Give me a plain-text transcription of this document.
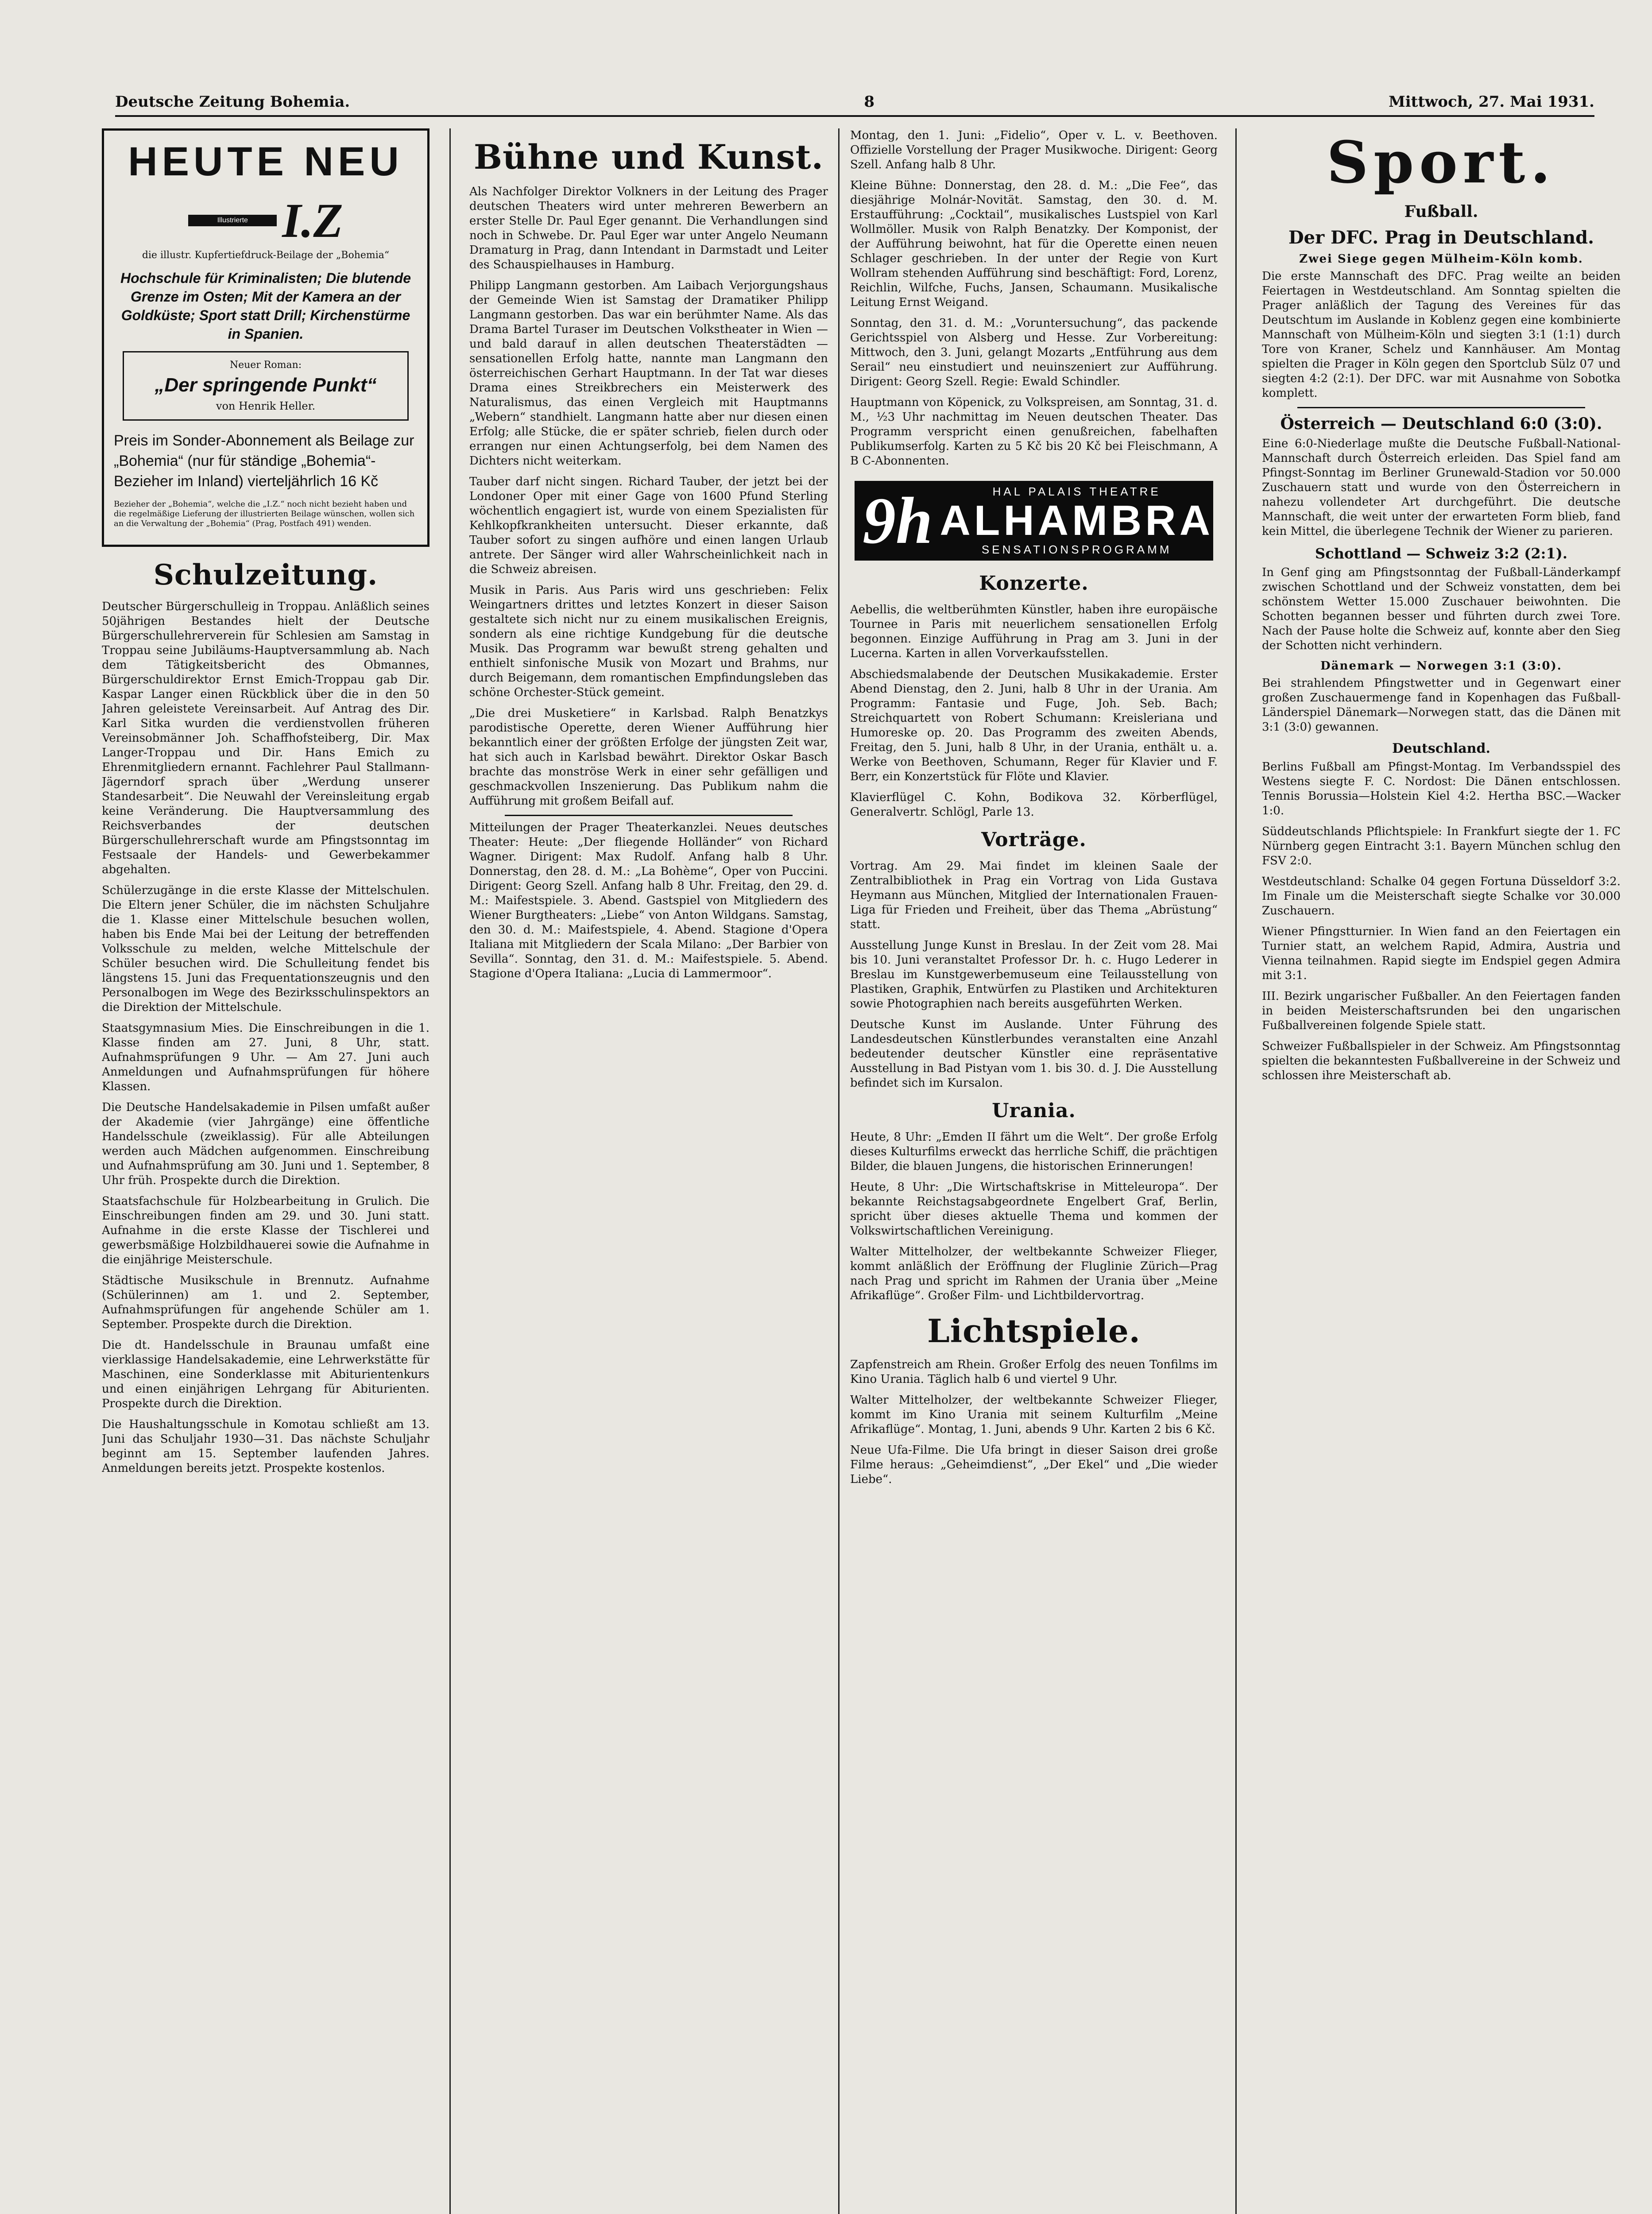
Deutsche Zeitung Bohemia.	8	Mittwoch, 27. Mai 1931.

HEUTE NEU

Illustrierte I.Z

die illustr. Kupfertiefdruck-Beilage der „Bohemia“

Hochschule für Kriminalisten; Die blutende Grenze im Osten; Mit der Kamera an der Goldküste; Sport statt Drill; Kirchenstürme in Spanien.

Neuer Roman:
„Der springende Punkt“
von Henrik Heller.

Preis im Sonder-Abonnement als Beilage zur „Bohemia“ (nur für ständige „Bohemia“-Bezieher im Inland) vierteljährlich 16 Kč

Bezieher der „Bohemia“, welche die „I.Z.“ noch nicht bezieht haben und die regelmäßige Lieferung der illustrierten Beilage wünschen, wollen sich an die Verwaltung der „Bohemia“ (Prag, Postfach 491) wenden.

Schulzeitung.

Deutscher Bürgerschulleig in Troppau. Anläßlich seines 50jährigen Bestandes hielt der Deutsche Bürgerschullehrerverein für Schlesien am Samstag in Troppau seine Jubiläums-Hauptversammlung ab. Nach dem Tätigkeitsbericht des Obmannes, Bürgerschuldirektor Ernst Emich-Troppau gab Dir. Kaspar Langer einen Rückblick über die in den 50 Jahren geleistete Vereinsarbeit. Auf Antrag des Dir. Karl Sitka wurden die verdienstvollen früheren Vereinsobmänner Joh. Schaffhofsteiberg, Dir. Max Langer-Troppau und Dir. Hans Emich zu Ehrenmitgliedern ernannt. Fachlehrer Paul Stallmann-Jägerndorf sprach über „Werdung unserer Standesarbeit“. Die Neuwahl der Vereinsleitung ergab keine Veränderung. Die Hauptversammlung des Reichsverbandes der deutschen Bürgerschullehrerschaft wurde am Pfingstsonntag im Festsaale der Handels- und Gewerbekammer abgehalten.

Schülerzugänge in die erste Klasse der Mittelschulen. Die Eltern jener Schüler, die im nächsten Schuljahre die 1. Klasse einer Mittelschule besuchen wollen, haben bis Ende Mai bei der Leitung der betreffenden Volksschule zu melden, welche Mittelschule der Schüler besuchen wird. Die Schulleitung fendet bis längstens 15. Juni das Frequentationszeugnis und den Personalbogen im Wege des Bezirksschulinspektors an die Direktion der Mittelschule.

Staatsgymnasium Mies. Die Einschreibungen in die 1. Klasse finden am 27. Juni, 8 Uhr, statt. Aufnahmsprüfungen 9 Uhr. — Am 27. Juni auch Anmeldungen und Aufnahmsprüfungen für höhere Klassen.

Die Deutsche Handelsakademie in Pilsen umfaßt außer der Akademie (vier Jahrgänge) eine öffentliche Handelsschule (zweiklassig). Für alle Abteilungen werden auch Mädchen aufgenommen. Einschreibung und Aufnahmsprüfung am 30. Juni und 1. September, 8 Uhr früh. Prospekte durch die Direktion.

Staatsfachschule für Holzbearbeitung in Grulich. Die Einschreibungen finden am 29. und 30. Juni statt. Aufnahme in die erste Klasse der Tischlerei und gewerbsmäßige Holzbildhauerei sowie die Aufnahme in die einjährige Meisterschule.

Städtische Musikschule in Brennutz. Aufnahme (Schülerinnen) am 1. und 2. September, Aufnahmsprüfungen für angehende Schüler am 1. September. Prospekte durch die Direktion.

Die dt. Handelsschule in Braunau umfaßt eine vierklassige Handelsakademie, eine Lehrwerkstätte für Maschinen, eine Sonderklasse mit Abiturientenkurs und einen einjährigen Lehrgang für Abiturienten. Prospekte durch die Direktion.

Die Haushaltungsschule in Komotau schließt am 13. Juni das Schuljahr 1930—31. Das nächste Schuljahr beginnt am 15. September laufenden Jahres. Anmeldungen bereits jetzt. Prospekte kostenlos.

Bühne und Kunst.

Als Nachfolger Direktor Volkners in der Leitung des Prager deutschen Theaters wird unter mehreren Bewerbern an erster Stelle Dr. Paul Eger genannt. Die Verhandlungen sind noch in Schwebe. Dr. Paul Eger war unter Angelo Neumann Dramaturg in Prag, dann Intendant in Darmstadt und Leiter des Schauspielhauses in Hamburg.

Philipp Langmann gestorben. Am Laibach Verjorgungshaus der Gemeinde Wien ist Samstag der Dramatiker Philipp Langmann gestorben. Das war ein berühmter Name. Als das Drama Bartel Turaser im Deutschen Volkstheater in Wien — und bald darauf in allen deutschen Theaterstädten — sensationellen Erfolg hatte, nannte man Langmann den österreichischen Gerhart Hauptmann. In der Tat war dieses Drama eines Streikbrechers ein Meisterwerk des Naturalismus, das einen Vergleich mit Hauptmanns „Webern“ standhielt. Langmann hatte aber nur diesen einen Erfolg; alle Stücke, die er später schrieb, fielen durch oder errangen nur einen Achtungserfolg, bei dem Namen des Dichters nicht weiterkam.

Tauber darf nicht singen. Richard Tauber, der jetzt bei der Londoner Oper mit einer Gage von 1600 Pfund Sterling wöchentlich engagiert ist, wurde von einem Spezialisten für Kehlkopfkrankheiten untersucht. Dieser erkannte, daß Tauber sofort zu singen aufhöre und einen langen Urlaub antrete. Der Sänger wird aller Wahrscheinlichkeit nach in die Schweiz abreisen.

Musik in Paris. Aus Paris wird uns geschrieben: Felix Weingartners drittes und letztes Konzert in dieser Saison gestaltete sich nicht nur zu einem musikalischen Ereignis, sondern als eine richtige Kundgebung für die deutsche Musik. Das Programm war bewußt streng gehalten und enthielt sinfonische Musik von Mozart und Brahms, nur durch Beigemann, dem romantischen Empfindungsleben das schöne Orchester-Stück gemeint.

„Die drei Musketiere“ in Karlsbad. Ralph Benatzkys parodistische Operette, deren Wiener Aufführung hier bekanntlich einer der größten Erfolge der jüngsten Zeit war, hat sich auch in Karlsbad bewährt. Direktor Oskar Basch brachte das monströse Werk in einer sehr gefälligen und geschmackvollen Inszenierung. Das Publikum nahm die Aufführung mit großem Beifall auf.

Mitteilungen der Prager Theaterkanzlei. Neues deutsches Theater: Heute: „Der fliegende Holländer“ von Richard Wagner. Dirigent: Max Rudolf. Anfang halb 8 Uhr. Donnerstag, den 28. d. M.: „La Bohème“, Oper von Puccini. Dirigent: Georg Szell. Anfang halb 8 Uhr. Freitag, den 29. d. M.: Maifestspiele. 3. Abend. Gastspiel von Mitgliedern des Wiener Burgtheaters: „Liebe“ von Anton Wildgans. Samstag, den 30. d. M.: Maifestspiele, 4. Abend. Stagione d'Opera Italiana mit Mitgliedern der Scala Milano: „Der Barbier von Sevilla“. Sonntag, den 31. d. M.: Maifestspiele. 5. Abend. Stagione d'Opera Italiana: „Lucia di Lammermoor“.

Montag, den 1. Juni: „Fidelio“, Oper v. L. v. Beethoven. Offizielle Vorstellung der Prager Musikwoche. Dirigent: Georg Szell. Anfang halb 8 Uhr.

Kleine Bühne: Donnerstag, den 28. d. M.: „Die Fee“, das diesjährige Molnár-Novität. Samstag, den 30. d. M. Erstaufführung: „Cocktail“, musikalisches Lustspiel von Karl Wollmöller. Musik von Ralph Benatzky. Der Komponist, der der Aufführung beiwohnt, hat für die Operette einen neuen Schlager geschrieben. In der unter der Regie von Kurt Wollram stehenden Aufführung sind beschäftigt: Ford, Lorenz, Reichlin, Wilfche, Fuchs, Jansen, Schaumann. Musikalische Leitung Ernst Weigand.

Sonntag, den 31. d. M.: „Voruntersuchung“, das packende Gerichtsspiel von Alsberg und Hesse. Zur Vorbereitung: Mittwoch, den 3. Juni, gelangt Mozarts „Entführung aus dem Serail“ neu einstudiert und neuinszeniert zur Aufführung. Dirigent: Georg Szell. Regie: Ewald Schindler.

Hauptmann von Köpenick, zu Volkspreisen, am Sonntag, 31. d. M., ½3 Uhr nachmittag im Neuen deutschen Theater. Das Programm verspricht einen genußreichen, fabelhaften Publikumserfolg. Karten zu 5 Kč bis 20 Kč bei Fleischmann, A B C-Abonnenten.

9h	HAL PALAIS THEATRE
ALHAMBRA
SENSATIONSPROGRAMM
Konzerte.

Aebellis, die weltberühmten Künstler, haben ihre europäische Tournee in Paris mit neuerlichem sensationellen Erfolg begonnen. Einzige Aufführung in Prag am 3. Juni in der Lucerna. Karten in allen Vorverkaufsstellen.

Abschiedsmalabende der Deutschen Musikakademie. Erster Abend Dienstag, den 2. Juni, halb 8 Uhr in der Urania. Am Programm: Fantasie und Fuge, Joh. Seb. Bach; Streichquartett von Robert Schumann: Kreisleriana und Humoreske op. 20. Das Programm des zweiten Abends, Freitag, den 5. Juni, halb 8 Uhr, in der Urania, enthält u. a. Werke von Beethoven, Schumann, Reger für Klavier und F. Berr, ein Konzertstück für Flöte und Klavier.

Klavierflügel C. Kohn, Bodikova 32. Körberflügel, Generalvertr. Schlögl, Parle 13.

Vorträge.

Vortrag. Am 29. Mai findet im kleinen Saale der Zentralbibliothek in Prag ein Vortrag von Lida Gustava Heymann aus München, Mitglied der Internationalen Frauen-Liga für Frieden und Freiheit, über das Thema „Abrüstung“ statt.

Ausstellung Junge Kunst in Breslau. In der Zeit vom 28. Mai bis 10. Juni veranstaltet Professor Dr. h. c. Hugo Lederer in Breslau im Kunstgewerbemuseum eine Teilausstellung von Plastiken, Graphik, Entwürfen zu Plastiken und Architekturen sowie Photographien nach bereits ausgeführten Werken.

Deutsche Kunst im Auslande. Unter Führung des Landesdeutschen Künstlerbundes veranstalten eine Anzahl bedeutender deutscher Künstler eine repräsentative Ausstellung in Bad Pistyan vom 1. bis 30. d. J. Die Ausstellung befindet sich im Kursalon.

Urania.

Heute, 8 Uhr: „Emden II fährt um die Welt“. Der große Erfolg dieses Kulturfilms erweckt das herrliche Schiff, die prächtigen Bilder, die blauen Jungens, die historischen Erinnerungen!

Heute, 8 Uhr: „Die Wirtschaftskrise in Mitteleuropa“. Der bekannte Reichstagsabgeordnete Engelbert Graf, Berlin, spricht über dieses aktuelle Thema und kommen der Volkswirtschaftlichen Vereinigung.

Walter Mittelholzer, der weltbekannte Schweizer Flieger, kommt anläßlich der Eröffnung der Fluglinie Zürich—Prag nach Prag und spricht im Rahmen der Urania über „Meine Afrikaflüge“. Großer Film- und Lichtbildervortrag.

Lichtspiele.

Zapfenstreich am Rhein. Großer Erfolg des neuen Tonfilms im Kino Urania. Täglich halb 6 und viertel 9 Uhr.

Walter Mittelholzer, der weltbekannte Schweizer Flieger, kommt im Kino Urania mit seinem Kulturfilm „Meine Afrikaflüge“. Montag, 1. Juni, abends 9 Uhr. Karten 2 bis 6 Kč.

Neue Ufa-Filme. Die Ufa bringt in dieser Saison drei große Filme heraus: „Geheimdienst“, „Der Ekel“ und „Die wieder Liebe“.

Sport.
Fußball.
Der DFC. Prag in Deutschland.
Zwei Siege gegen Mülheim-Köln komb.

Die erste Mannschaft des DFC. Prag weilte an beiden Feiertagen in Westdeutschland. Am Sonntag spielten die Prager anläßlich der Tagung des Vereines für das Deutschtum im Auslande in Koblenz gegen eine kombinierte Mannschaft von Mülheim-Köln und siegten 3:1 (1:1) durch Tore von Kraner, Schelz und Kannhäuser. Am Montag spielten die Prager in Köln gegen den Sportclub Sülz 07 und siegten 4:2 (2:1). Der DFC. war mit Ausnahme von Sobotka komplett.

Österreich — Deutschland 6:0 (3:0).

Eine 6:0-Niederlage mußte die Deutsche Fußball-National-Mannschaft durch Österreich erleiden. Das Spiel fand am Pfingst-Sonntag im Berliner Grunewald-Stadion vor 50.000 Zuschauern statt und wurde von den Österreichern in nahezu vollendeter Art durchgeführt. Die deutsche Mannschaft, die weit unter der erwarteten Form blieb, fand kein Mittel, die überlegene Technik der Wiener zu parieren.

Schottland — Schweiz 3:2 (2:1).

In Genf ging am Pfingstsonntag der Fußball-Länderkampf zwischen Schottland und der Schweiz vonstatten, dem bei schönstem Wetter 15.000 Zuschauer beiwohnten. Die Schotten begannen besser und führten durch zwei Tore. Nach der Pause holte die Schweiz auf, konnte aber den Sieg der Schotten nicht verhindern.

Dänemark — Norwegen 3:1 (3:0).

Bei strahlendem Pfingstwetter und in Gegenwart einer großen Zuschauermenge fand in Kopenhagen das Fußball-Länderspiel Dänemark—Norwegen statt, das die Dänen mit 3:1 (3:0) gewannen.

Deutschland.

Berlins Fußball am Pfingst-Montag. Im Verbandsspiel des Westens siegte F. C. Nordost: Die Dänen entschlossen. Tennis Borussia—Holstein Kiel 4:2. Hertha BSC.—Wacker 1:0.

Süddeutschlands Pflichtspiele: In Frankfurt siegte der 1. FC Nürnberg gegen Eintracht 3:1. Bayern München schlug den FSV 2:0.

Westdeutschland: Schalke 04 gegen Fortuna Düsseldorf 3:2. Im Finale um die Meisterschaft siegte Schalke vor 30.000 Zuschauern.

Wiener Pfingstturnier. In Wien fand an den Feiertagen ein Turnier statt, an welchem Rapid, Admira, Austria und Vienna teilnahmen. Rapid siegte im Endspiel gegen Admira mit 3:1.

III. Bezirk ungarischer Fußballer. An den Feiertagen fanden in beiden Meisterschaftsrunden bei den ungarischen Fußballvereinen folgende Spiele statt.

Schweizer Fußballspieler in der Schweiz. Am Pfingstsonntag spielten die bekanntesten Fußballvereine in der Schweiz und schlossen ihre Meisterschaft ab.
